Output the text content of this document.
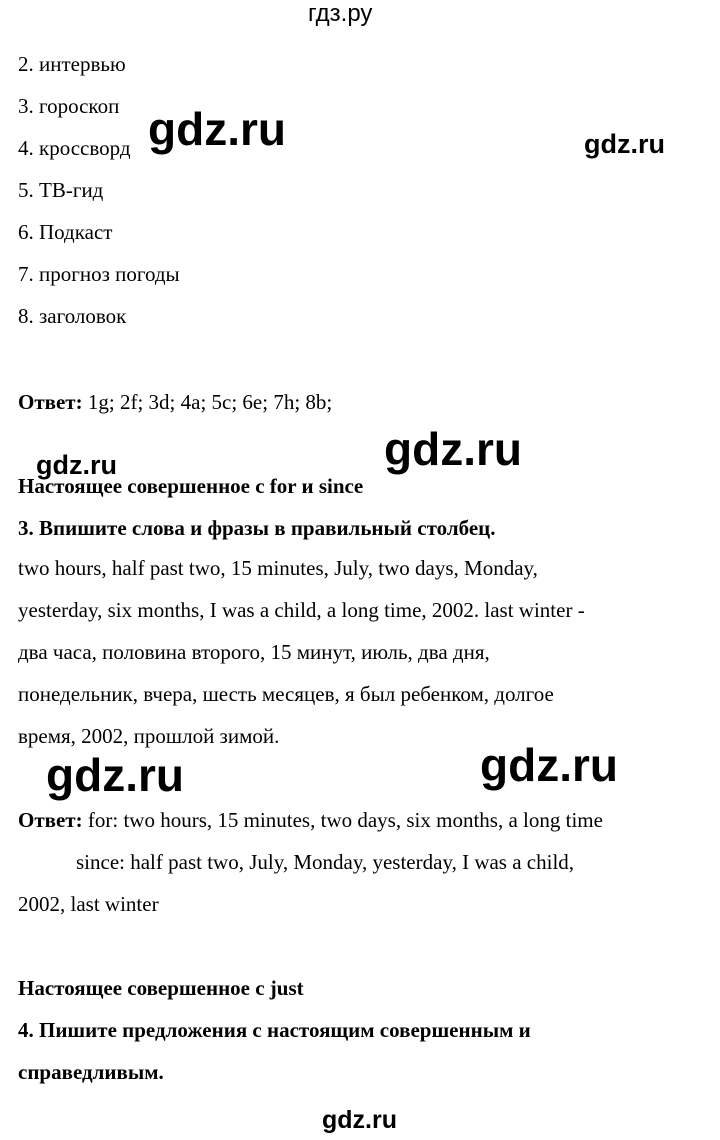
гдз.ру
2. интервью
3. гороскоп
4. кроссворд
5. ТВ-гид
6. Подкаст
7. прогноз погоды
8. заголовок
Ответ: 1g; 2f; 3d; 4a; 5c; 6e; 7h; 8b;
Настоящее совершенное с for и since
3. Впишите слова и фразы в правильный столбец.
two hours, half past two, 15 minutes, July, two days, Monday,
yesterday, six months, I was a child, a long time, 2002. last winter -
два часа, половина второго, 15 минут, июль, два дня,
понедельник, вчера, шесть месяцев, я был ребенком, долгое
время, 2002, прошлой зимой.
Ответ: for: two hours, 15 minutes, two days, six months, a long time
since: half past two, July, Monday, yesterday, I was a child,
2002, last winter
Настоящее совершенное с just
4. Пишите предложения с настоящим совершенным и
справедливым.
gdz.ru	gdz.ru
gdz.ru
gdz.ru
gdz.ru	gdz.ru
gdz.ru
